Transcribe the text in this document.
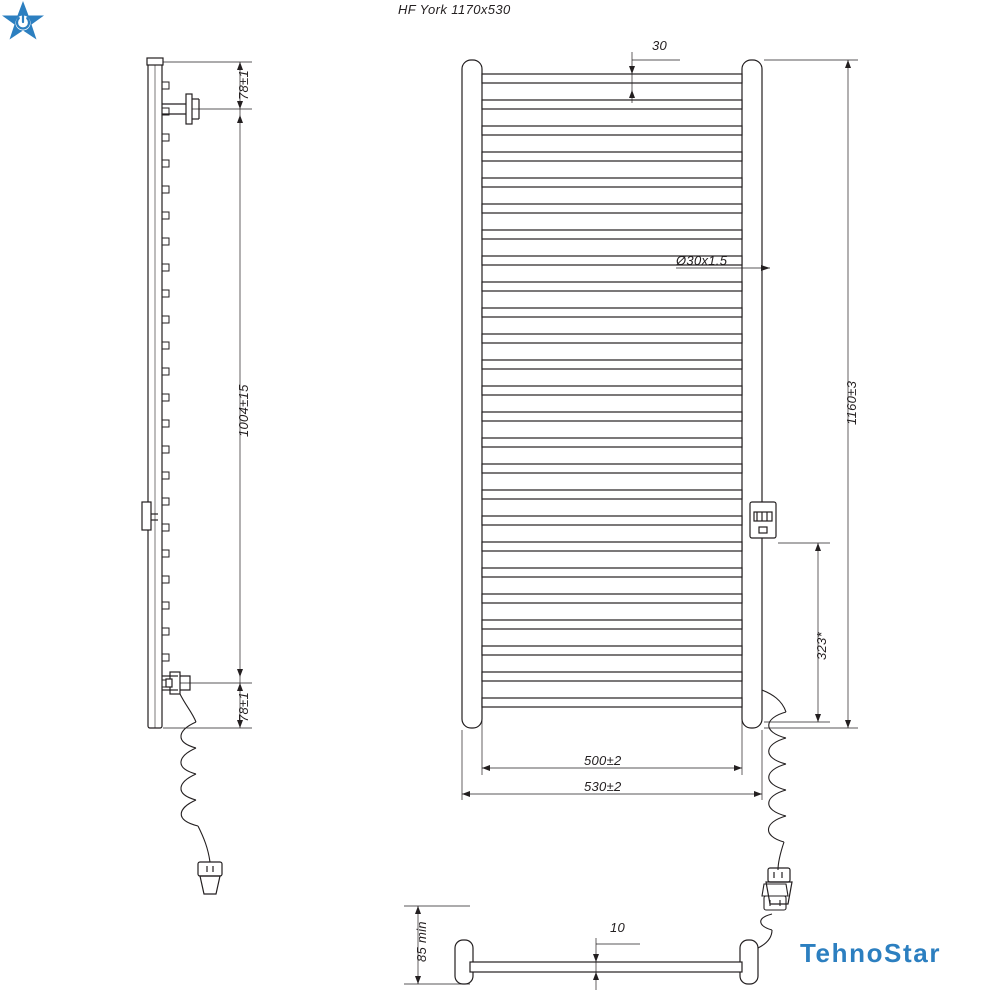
HF York 1170x530
30
Ø30x1.5
78±1
1004±15
78±1
1160±3
323*
500±2
530±2
85 min	10
TehnoStar
